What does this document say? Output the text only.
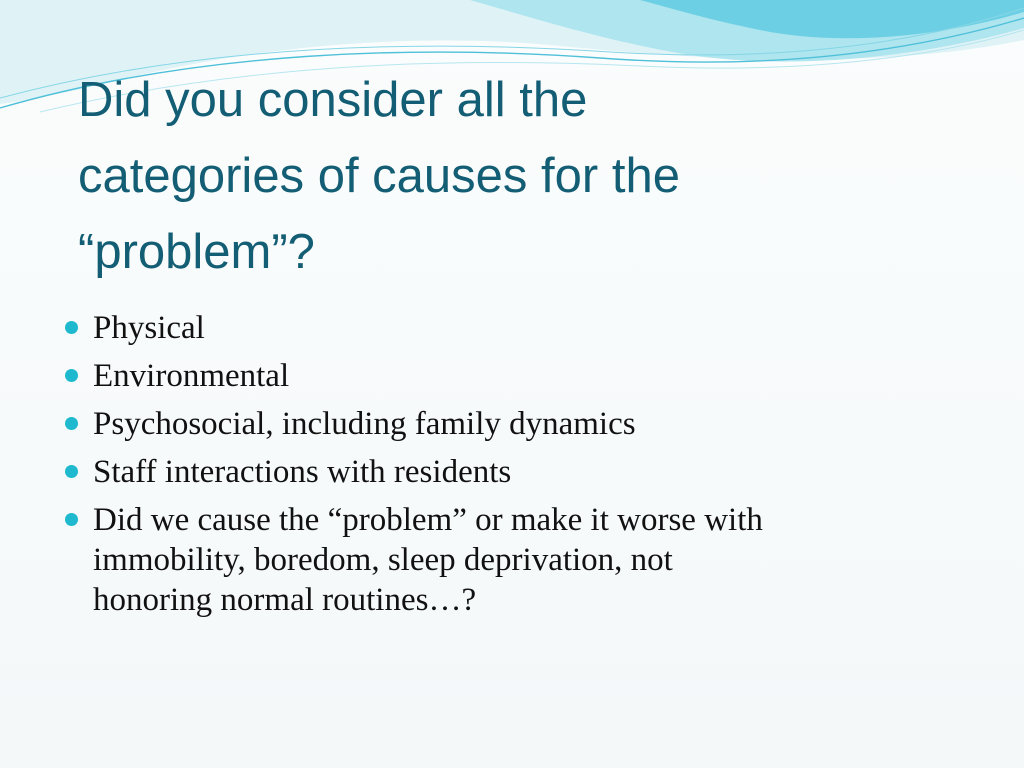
Did you consider all the
categories of causes for the
“problem”?
Physical
Environmental
Psychosocial, including family dynamics
Staff interactions with residents
Did we cause the “problem” or make it worse with
immobility, boredom, sleep deprivation, not
honoring normal routines…?
